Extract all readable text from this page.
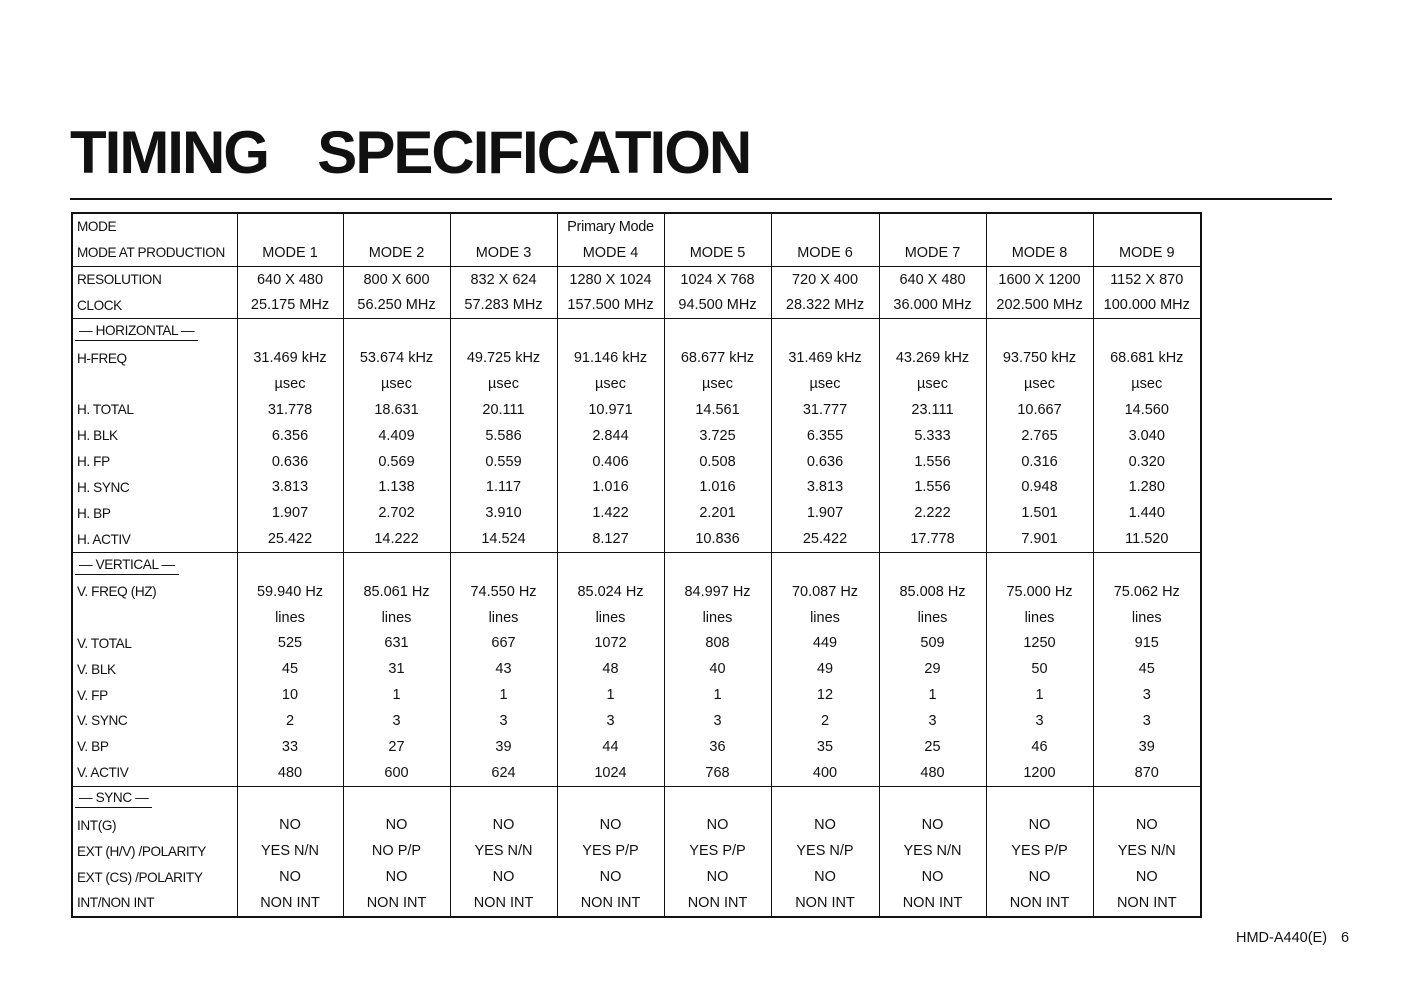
TIMING  SPECIFICATION
MODE				Primary Mode					
MODE AT PRODUCTION	MODE 1	MODE 2	MODE 3	MODE 4	MODE 5	MODE 6	MODE 7	MODE 8	MODE 9
RESOLUTION	640 X 480	800 X 600	832 X 624	1280 X 1024	1024 X 768	720 X 400	640 X 480	1600 X 1200	1152 X 870
CLOCK	25.175 MHz	56.250 MHz	57.283 MHz	157.500 MHz	94.500 MHz	28.322 MHz	36.000 MHz	202.500 MHz	100.000 MHz
— HORIZONTAL —									
H-FREQ	31.469 kHz	53.674 kHz	49.725 kHz	91.146 kHz	68.677 kHz	31.469 kHz	43.269 kHz	93.750 kHz	68.681 kHz
	µsec	µsec	µsec	µsec	µsec	µsec	µsec	µsec	µsec
H. TOTAL	31.778	18.631	20.111	10.971	14.561	31.777	23.111	10.667	14.560
H. BLK	6.356	4.409	5.586	2.844	3.725	6.355	5.333	2.765	3.040
H. FP	0.636	0.569	0.559	0.406	0.508	0.636	1.556	0.316	0.320
H. SYNC	3.813	1.138	1.117	1.016	1.016	3.813	1.556	0.948	1.280
H. BP	1.907	2.702	3.910	1.422	2.201	1.907	2.222	1.501	1.440
H. ACTIV	25.422	14.222	14.524	8.127	10.836	25.422	17.778	7.901	11.520
— VERTICAL —									
V. FREQ (HZ)	59.940 Hz	85.061 Hz	74.550 Hz	85.024 Hz	84.997 Hz	70.087 Hz	85.008 Hz	75.000 Hz	75.062 Hz
	lines	lines	lines	lines	lines	lines	lines	lines	lines
V. TOTAL	525	631	667	1072	808	449	509	1250	915
V. BLK	45	31	43	48	40	49	29	50	45
V. FP	10	1	1	1	1	12	1	1	3
V. SYNC	2	3	3	3	3	2	3	3	3
V. BP	33	27	39	44	36	35	25	46	39
V. ACTIV	480	600	624	1024	768	400	480	1200	870
— SYNC —									
INT(G)	NO	NO	NO	NO	NO	NO	NO	NO	NO
EXT (H/V) /POLARITY	YES N/N	NO P/P	YES N/N	YES P/P	YES P/P	YES N/P	YES N/N	YES P/P	YES N/N
EXT (CS) /POLARITY	NO	NO	NO	NO	NO	NO	NO	NO	NO
INT/NON INT	NON INT	NON INT	NON INT	NON INT	NON INT	NON INT	NON INT	NON INT	NON INT
HMD-A440(E) 6
